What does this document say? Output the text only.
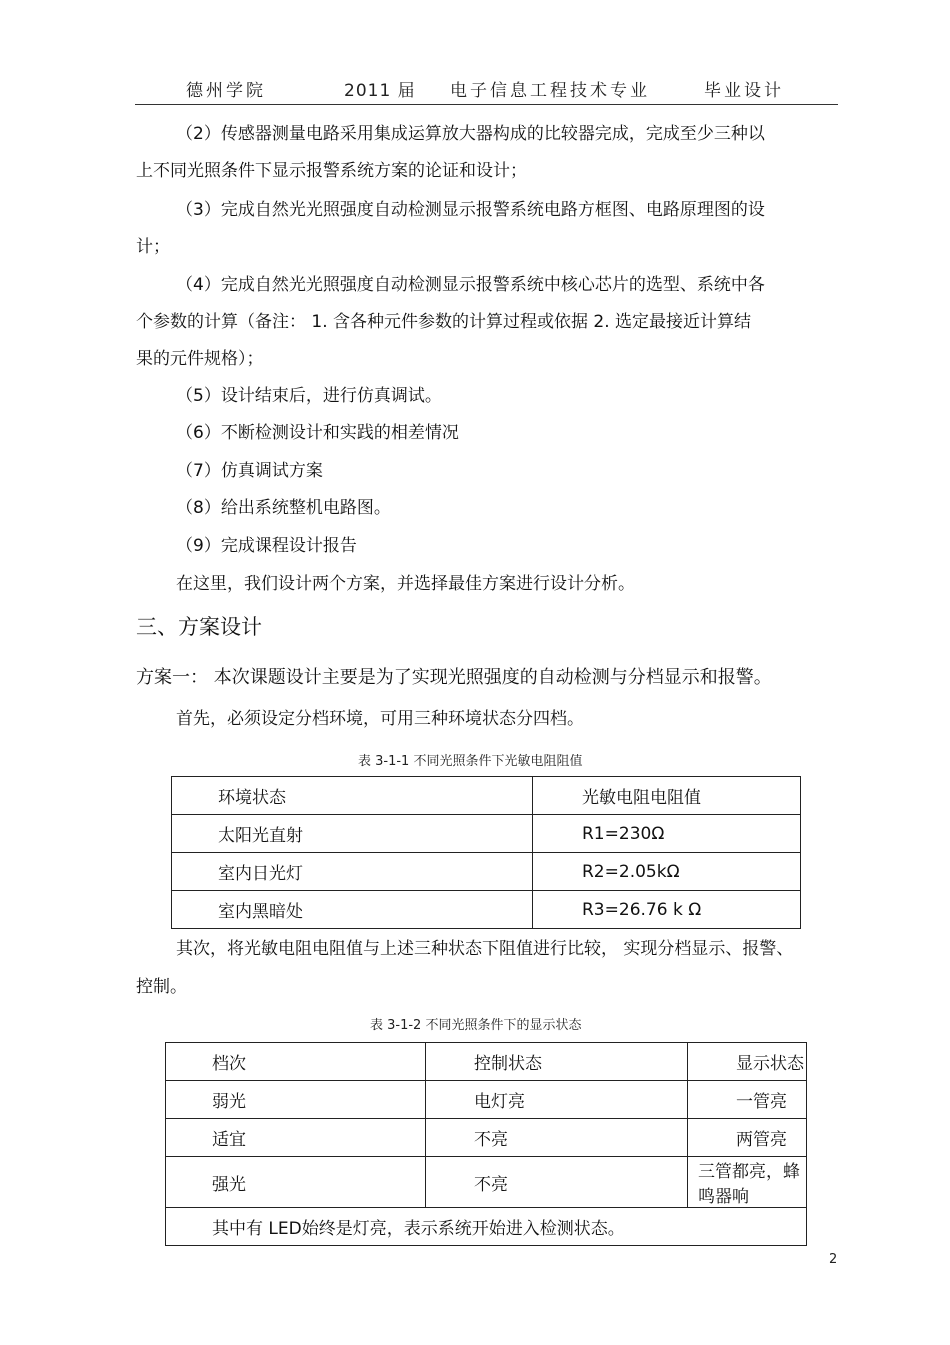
德州学院	2011 届 电子信息工程技术专业	毕业设计
（2）传感器测量电路采用集成运算放大器构成的比较器完成，完成至少三种以
上不同光照条件下显示报警系统方案的论证和设计；
（3）完成自然光光照强度自动检测显示报警系统电路方框图、电路原理图的设
计；
（4）完成自然光光照强度自动检测显示报警系统中核心芯片的选型、系统中各
个参数的计算（备注： 1. 含各种元件参数的计算过程或依据 2. 选定最接近计算结
果的元件规格）；
（5）设计结束后，进行仿真调试。
（6）不断检测设计和实践的相差情况
（7）仿真调试方案
（8）给出系统整机电路图。
（9）完成课程设计报告
在这里，我们设计两个方案，并选择最佳方案进行设计分析。
三、方案设计
方案一： 本次课题设计主要是为了实现光照强度的自动检测与分档显示和报警。
首先，必须设定分档环境，可用三种环境状态分四档。
表 3-1-1 不同光照条件下光敏电阻阻值
环境状态	光敏电阻电阻值
太阳光直射	R1=230Ω
室内日光灯	R2=2.05kΩ
室内黑暗处	R3=26.76 k Ω
其次，将光敏电阻电阻值与上述三种状态下阻值进行比较， 实现分档显示、报警、
控制。
表 3-1-2 不同光照条件下的显示状态
档次	控制状态	显示状态
弱光	电灯亮	一管亮
适宜	不亮	两管亮
强光	不亮	三管都亮，蜂鸣器响
其中有 LED始终是灯亮，表示系统开始进入检测状态。		
2
